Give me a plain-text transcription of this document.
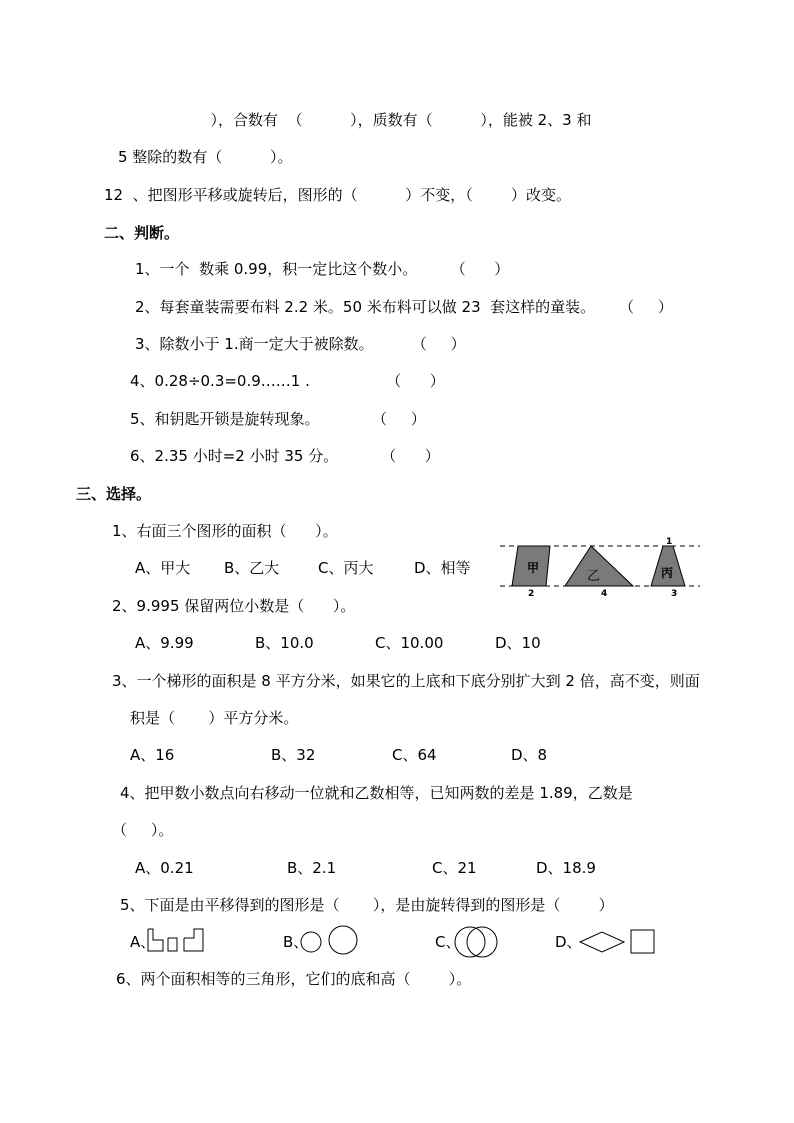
），合数有  （          ），质数有（          ），能被 2、3 和
5 整除的数有（          ）。
12  、把图形平移或旋转后，图形的（          ）不变，（        ）改变。
二、判断。
1、一个  数乘 0.99，积一定比这个数小。       （      ）
2、每套童装需要布料 2.2 米。50 米布料可以做 23  套这样的童装。     （     ）
3、除数小于 1.商一定大于被除数。        （     ）
4、0.28÷0.3=0.9……1 .                （      ）
5、和钥匙开锁是旋转现象。           （     ）
6、2.35 小时=2 小时 35 分。         （      ）
三、选择。
1、右面三个图形的面积（      ）。
A、甲大 B、乙大	C、丙大	D、相等	甲
乙	丙
1
2	4	3
2、9.995 保留两位小数是（      ）。
A、9.99	B、10.0	C、10.00	D、10
3、一个梯形的面积是 8 平方分米，如果它的上底和下底分别扩大到 2 倍，高不变，则面
积是（       ）平方分米。
A、16	B、32	C、64	D、8
4、把甲数小数点向右移动一位就和乙数相等，已知两数的差是 1.89，乙数是
（     ）。
A、0.21	B、2.1	C、21	D、18.9
5、下面是由平移得到的图形是（       ），是由旋转得到的图形是（        ）
A、	B、	C、	D、
6、两个面积相等的三角形，它们的底和高（        ）。
